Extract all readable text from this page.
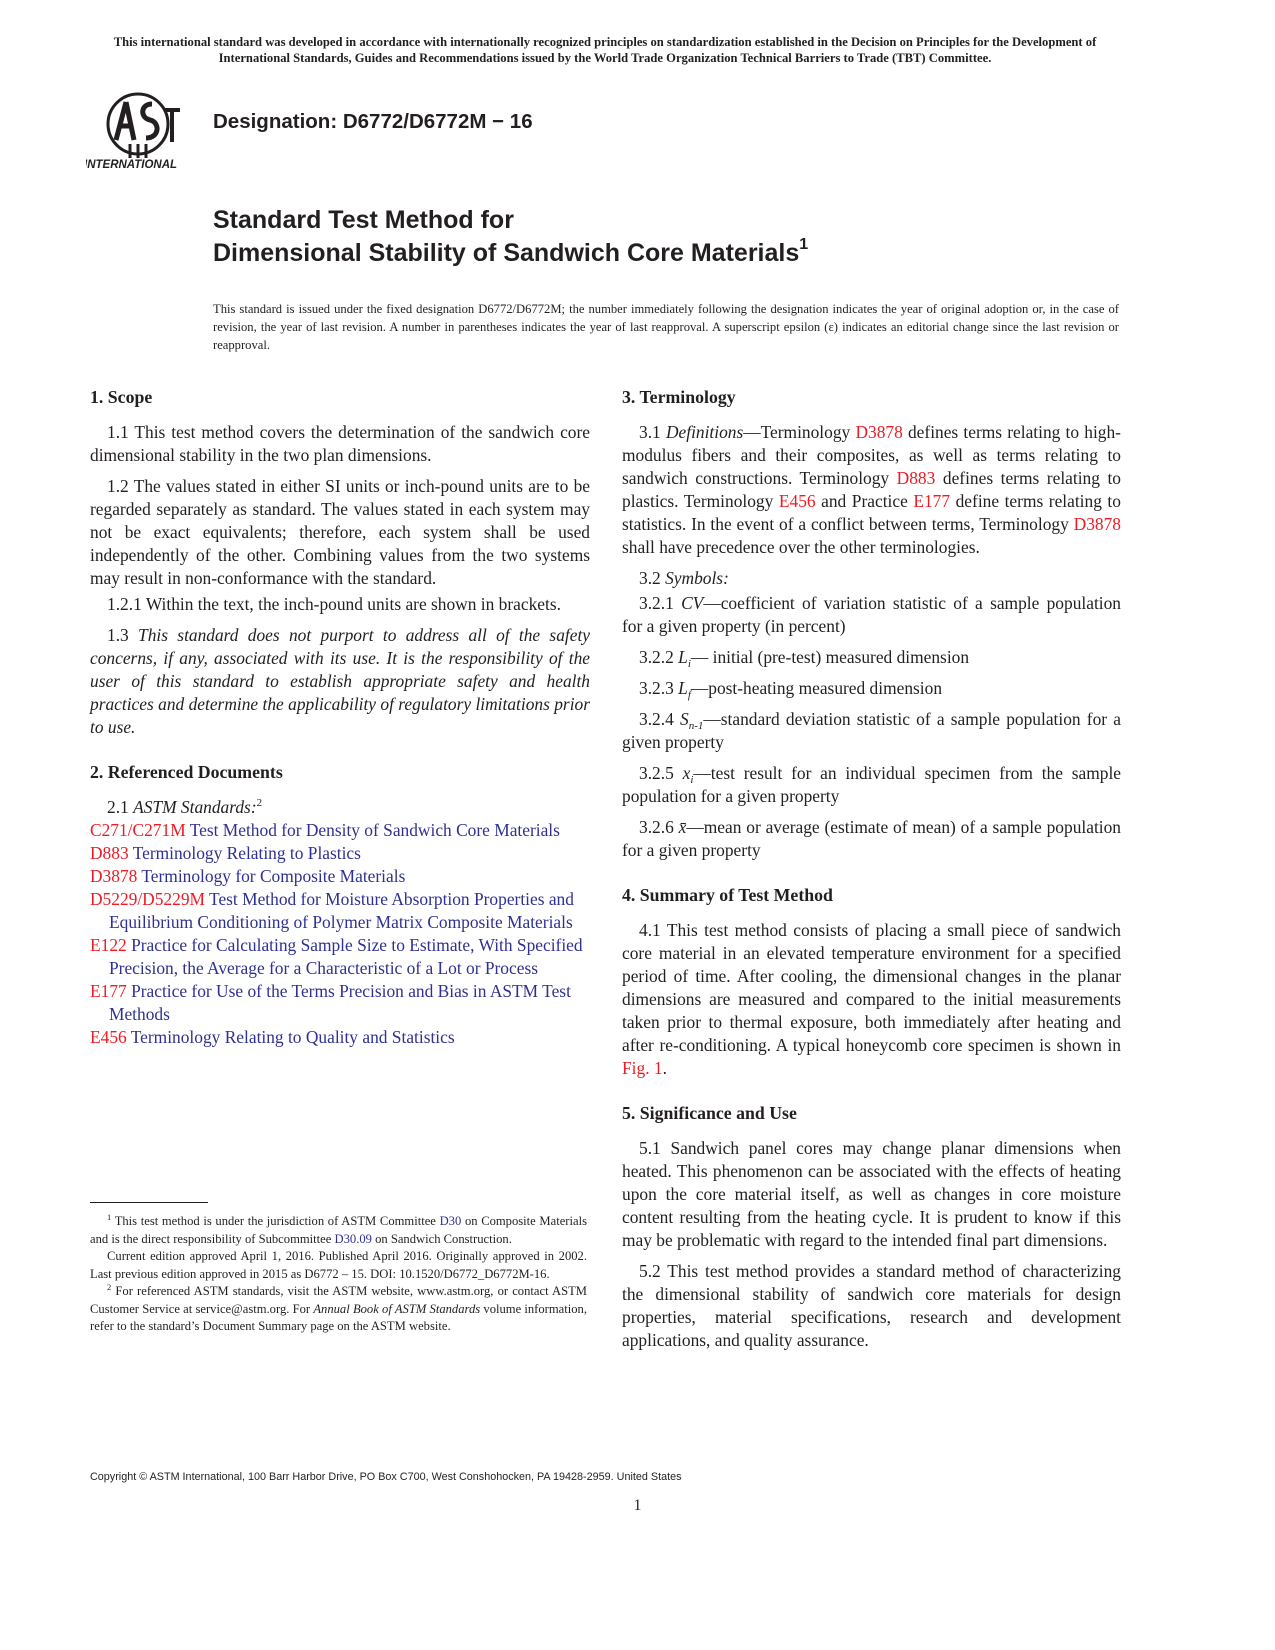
This international standard was developed in accordance with internationally recognized principles on standardization established in the Decision on Principles for the Development of International Standards, Guides and Recommendations issued by the World Trade Organization Technical Barriers to Trade (TBT) Committee.
INTERNATIONAL
Designation: D6772/D6772M − 16
Standard Test Method for
Dimensional Stability of Sandwich Core Materials$^1$
This standard is issued under the fixed designation D6772/D6772M; the number immediately following the designation indicates the year of original adoption or, in the case of revision, the year of last revision. A number in parentheses indicates the year of last reapproval. A superscript epsilon (ε) indicates an editorial change since the last revision or reapproval.
1. Scope

1.1 This test method covers the determination of the sandwich core dimensional stability in the two plan dimensions.

1.2 The values stated in either SI units or inch-pound units are to be regarded separately as standard. The values stated in each system may not be exact equivalents; therefore, each system shall be used independently of the other. Combining values from the two systems may result in non-conformance with the standard.

1.2.1 Within the text, the inch-pound units are shown in brackets.

1.3 This standard does not purport to address all of the safety concerns, if any, associated with its use. It is the responsibility of the user of this standard to establish appropriate safety and health practices and determine the applicability of regulatory limitations prior to use.

2. Referenced Documents

2.1 ASTM Standards:$^2$

C271/C271M Test Method for Density of Sandwich Core Materials

D883 Terminology Relating to Plastics

D3878 Terminology for Composite Materials

D5229/D5229M Test Method for Moisture Absorption Properties and Equilibrium Conditioning of Polymer Matrix Composite Materials

E122 Practice for Calculating Sample Size to Estimate, With Specified Precision, the Average for a Characteristic of a Lot or Process

E177 Practice for Use of the Terms Precision and Bias in ASTM Test Methods

E456 Terminology Relating to Quality and Statistics

$^1$ This test method is under the jurisdiction of ASTM Committee D30 on Composite Materials and is the direct responsibility of Subcommittee D30.09 on Sandwich Construction.

Current edition approved April 1, 2016. Published April 2016. Originally approved in 2002. Last previous edition approved in 2015 as D6772 – 15. DOI: 10.1520/D6772_D6772M-16.

$^2$ For referenced ASTM standards, visit the ASTM website, www.astm.org, or contact ASTM Customer Service at service@astm.org. For Annual Book of ASTM Standards volume information, refer to the standard’s Document Summary page on the ASTM website.

3. Terminology

3.1 Definitions—Terminology D3878 defines terms relating to high-modulus fibers and their composites, as well as terms relating to sandwich constructions. Terminology D883 defines terms relating to plastics. Terminology E456 and Practice E177 define terms relating to statistics. In the event of a conflict between terms, Terminology D3878 shall have precedence over the other terminologies.

3.2 Symbols:

3.2.1 CV—coefficient of variation statistic of a sample population for a given property (in percent)

3.2.2 $L_i—$ initial (pre-test) measured dimension

3.2.3 $L_f—post$-heating measured dimension

3.2.4 $S_{n-1}—standard$ deviation statistic of a sample population for a given property

3.2.5 $x_i—test$ result for an individual specimen from the sample population for a given property

3.2.6 x̄—mean or average (estimate of mean) of a sample population for a given property

4. Summary of Test Method

4.1 This test method consists of placing a small piece of sandwich core material in an elevated temperature environment for a specified period of time. After cooling, the dimensional changes in the planar dimensions are measured and compared to the initial measurements taken prior to thermal exposure, both immediately after heating and after re-conditioning. A typical honeycomb core specimen is shown in Fig. 1.

5. Significance and Use

5.1 Sandwich panel cores may change planar dimensions when heated. This phenomenon can be associated with the effects of heating upon the core material itself, as well as changes in core moisture content resulting from the heating cycle. It is prudent to know if this may be problematic with regard to the intended final part dimensions.

5.2 This test method provides a standard method of characterizing the dimensional stability of sandwich core materials for design properties, material specifications, research and development applications, and quality assurance.

Copyright © ASTM International, 100 Barr Harbor Drive, PO Box C700, West Conshohocken, PA 19428-2959. United States
1
